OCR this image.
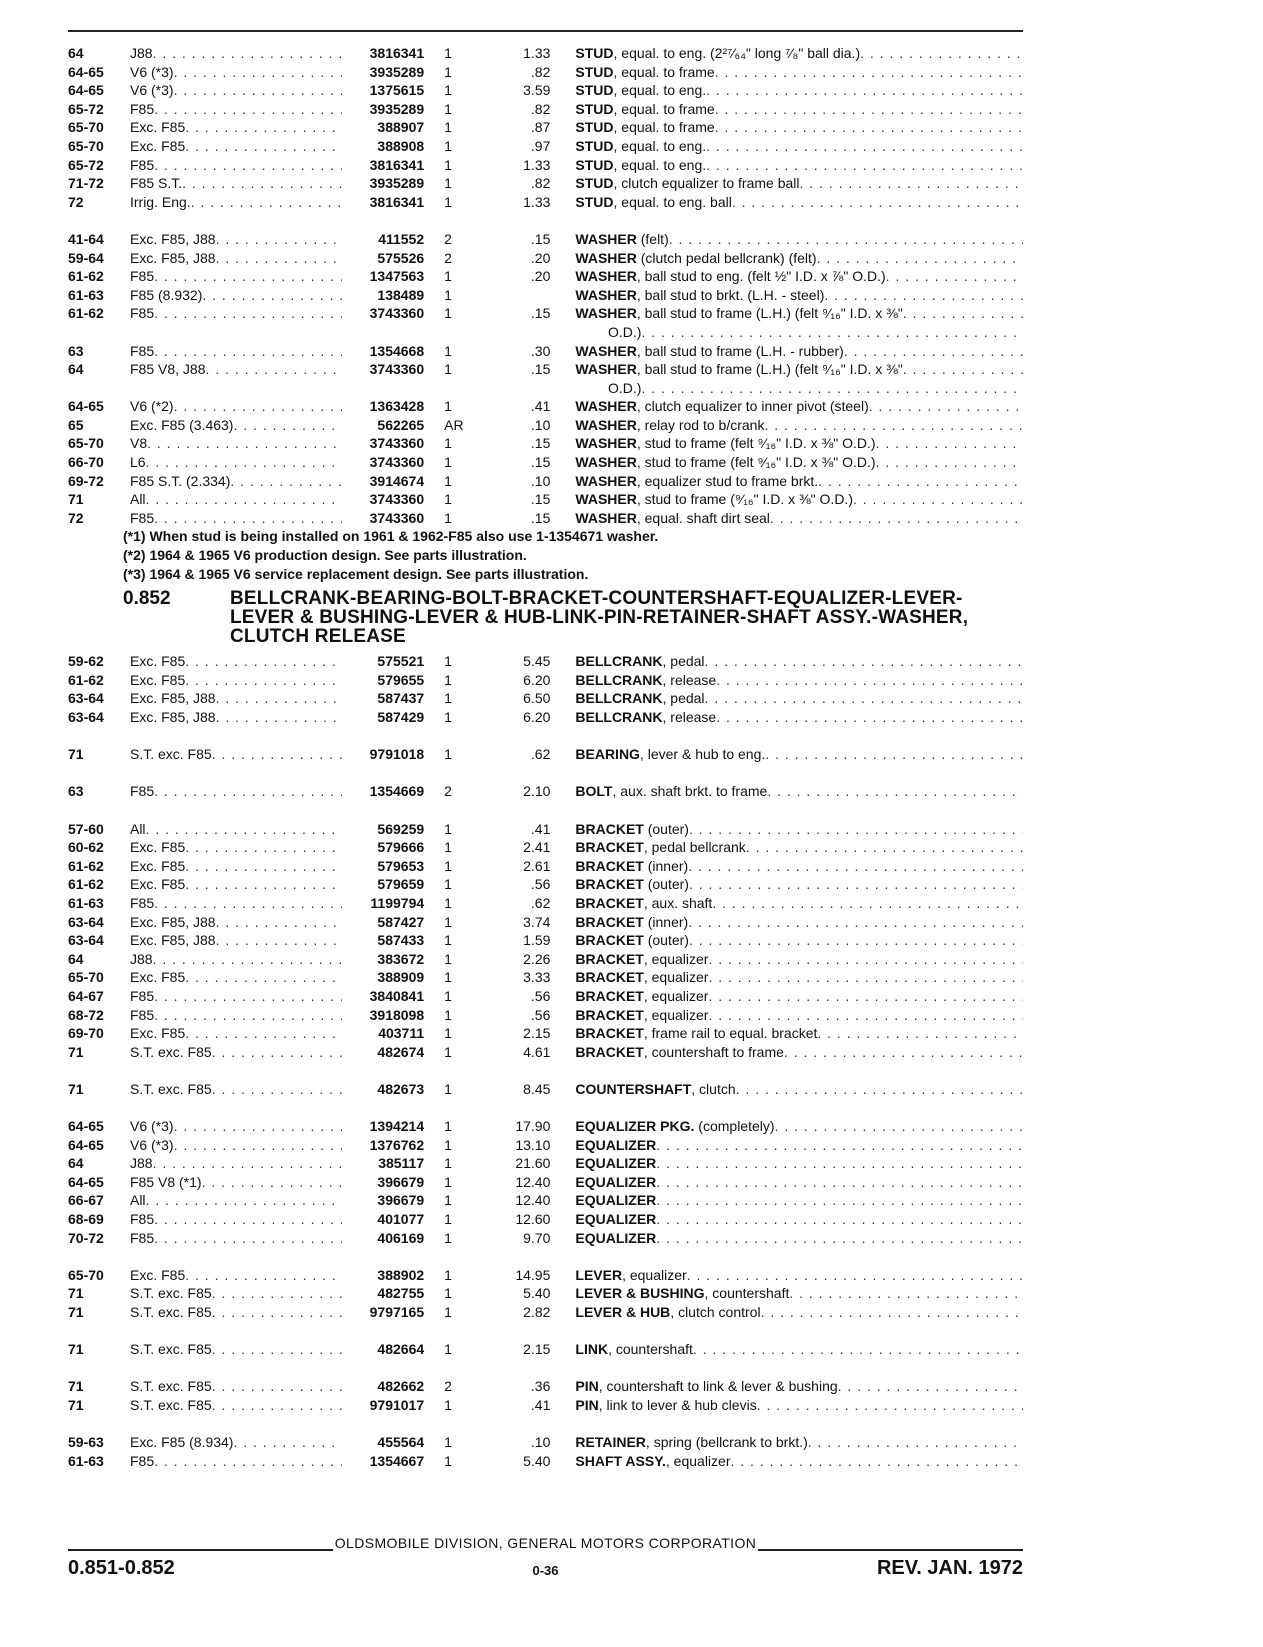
64	J88 . . .	3816341	1	1.33 STUD, equal. to eng. (2²⁷⁄₆₄" long ⁷⁄₈" ball dia.)
. . .
64-65	V6 (*3) . . .	3935289	1	.82 STUD, equal. to frame
. . .
64-65	V6 (*3) . . .	1375615	1	3.59 STUD, equal. to eng.
. . .
65-72	F85 . . .	3935289	1	.82 STUD, equal. to frame
. . .
65-70	Exc. F85 . . .	388907	1	.87 STUD, equal. to frame
. . .
65-70	Exc. F85 . . .	388908	1	.97 STUD, equal. to eng.
. . .
65-72	F85 . . .	3816341	1	1.33 STUD, equal. to eng.
. . .
71-72	F85 S.T. . . .	3935289	1	.82 STUD, clutch equalizer to frame ball
. . .
72	Irrig. Eng. . . .	3816341	1	1.33 STUD, equal. to eng. ball
. . .
41-64	Exc. F85, J88 . . .	411552	2	.15 WASHER (felt)
. . .
59-64	Exc. F85, J88 . . .	575526	2	.20 WASHER (clutch pedal bellcrank) (felt)
. . .
61-62	F85 . . .	1347563	1	.20 WASHER, ball stud to eng. (felt ½" I.D. x ⅞" O.D.)
. . .
61-63	F85 (8.932) . . .	138489	1	WASHER, ball stud to brkt. (L.H. - steel)
. . .
61-62	F85 . . .	3743360	1	.15 WASHER, ball stud to frame (L.H.) (felt ⁹⁄₁₆" I.D. x ⅜"
. . .
O.D.)
. . .
63	F85 . . .	1354668	1	.30 WASHER, ball stud to frame (L.H. - rubber)
. . .
64	F85 V8, J88 . . .	3743360	1	.15 WASHER, ball stud to frame (L.H.) (felt ⁹⁄₁₆" I.D. x ⅜"
. . .
O.D.)
. . .
64-65	V6 (*2) . . .	1363428	1	.41 WASHER, clutch equalizer to inner pivot (steel)
. . .
65	Exc. F85 (3.463) . . .	562265	AR	.10 WASHER, relay rod to b/crank
. . .
65-70	V8 . . .	3743360	1	.15 WASHER, stud to frame (felt ⁹⁄₁₆" I.D. x ⅜" O.D.)
. . .
66-70	L6 . . .	3743360	1	.15 WASHER, stud to frame (felt ⁹⁄₁₆" I.D. x ⅜" O.D.)
. . .
69-72	F85 S.T. (2.334) . . .	3914674	1	.10 WASHER, equalizer stud to frame brkt.
. . .
71	All . . .	3743360	1	.15 WASHER, stud to frame (⁹⁄₁₆" I.D. x ⅜" O.D.)
. . .
72	F85 . . .	3743360	1	.15 WASHER, equal. shaft dirt seal
. . .
(*1) When stud is being installed on 1961 & 1962-F85 also use 1-1354671 washer.
(*2) 1964 & 1965 V6 production design. See parts illustration.
(*3) 1964 & 1965 V6 service replacement design. See parts illustration.
0.852	BELLCRANK-BEARING-BOLT-BRACKET-COUNTERSHAFT-EQUALIZER-LEVER-LEVER & BUSHING-LEVER & HUB-LINK-PIN-RETAINER-SHAFT ASSY.-WASHER, CLUTCH RELEASE
59-62	Exc. F85 . . .	575521	1	5.45 BELLCRANK, pedal
. . .
61-62	Exc. F85 . . .	579655	1	6.20 BELLCRANK, release
. . .
63-64	Exc. F85, J88 . . .	587437	1	6.50 BELLCRANK, pedal
. . .
63-64	Exc. F85, J88 . . .	587429	1	6.20 BELLCRANK, release
. . .
71	S.T. exc. F85 . . .	9791018	1	.62 BEARING, lever & hub to eng.
. . .
63	F85 . . .	1354669	2	2.10 BOLT, aux. shaft brkt. to frame
. . .
57-60	All . . .	569259	1	.41 BRACKET (outer)
. . .
60-62	Exc. F85 . . .	579666	1	2.41 BRACKET, pedal bellcrank
. . .
61-62	Exc. F85 . . .	579653	1	2.61 BRACKET (inner)
. . .
61-62	Exc. F85 . . .	579659	1	.56 BRACKET (outer)
. . .
61-63	F85 . . .	1199794	1	.62 BRACKET, aux. shaft
. . .
63-64	Exc. F85, J88 . . .	587427	1	3.74 BRACKET (inner)
. . .
63-64	Exc. F85, J88 . . .	587433	1	1.59 BRACKET (outer)
. . .
64	J88 . . .	383672	1	2.26 BRACKET, equalizer
. . .
65-70	Exc. F85 . . .	388909	1	3.33 BRACKET, equalizer
. . .
64-67	F85 . . .	3840841	1	.56 BRACKET, equalizer
. . .
68-72	F85 . . .	3918098	1	.56 BRACKET, equalizer
. . .
69-70	Exc. F85 . . .	403711	1	2.15 BRACKET, frame rail to equal. bracket
. . .
71	S.T. exc. F85 . . .	482674	1	4.61 BRACKET, countershaft to frame
. . .
71	S.T. exc. F85 . . .	482673	1	8.45 COUNTERSHAFT, clutch
. . .
64-65	V6 (*3) . . .	1394214	1	17.90 EQUALIZER PKG. (completely)
. . .
64-65	V6 (*3) . . .	1376762	1	13.10 EQUALIZER
. . .
64	J88 . . .	385117	1	21.60 EQUALIZER
. . .
64-65	F85 V8 (*1) . . .	396679	1	12.40 EQUALIZER
. . .
66-67	All . . .	396679	1	12.40 EQUALIZER
. . .
68-69	F85 . . .	401077	1	12.60 EQUALIZER
. . .
70-72	F85 . . .	406169	1	9.70 EQUALIZER
. . .
65-70	Exc. F85 . . .	388902	1	14.95 LEVER, equalizer
. . .
71	S.T. exc. F85 . . .	482755	1	5.40 LEVER & BUSHING, countershaft
. . .
71	S.T. exc. F85 . . .	9797165	1	2.82 LEVER & HUB, clutch control
. . .
71	S.T. exc. F85 . . .	482664	1	2.15 LINK, countershaft
. . .
71	S.T. exc. F85 . . .	482662	2	.36 PIN, countershaft to link & lever & bushing
. . .
71	S.T. exc. F85 . . .	9791017	1	.41 PIN, link to lever & hub clevis
. . .
59-63	Exc. F85 (8.934) . . .	455564	1	.10 RETAINER, spring (bellcrank to brkt.)
. . .
61-63	F85 . . .	1354667	1	5.40 SHAFT ASSY., equalizer
. . .
OLDSMOBILE DIVISION, GENERAL MOTORS CORPORATION
0.851-0.852	0-36	REV. JAN. 1972
